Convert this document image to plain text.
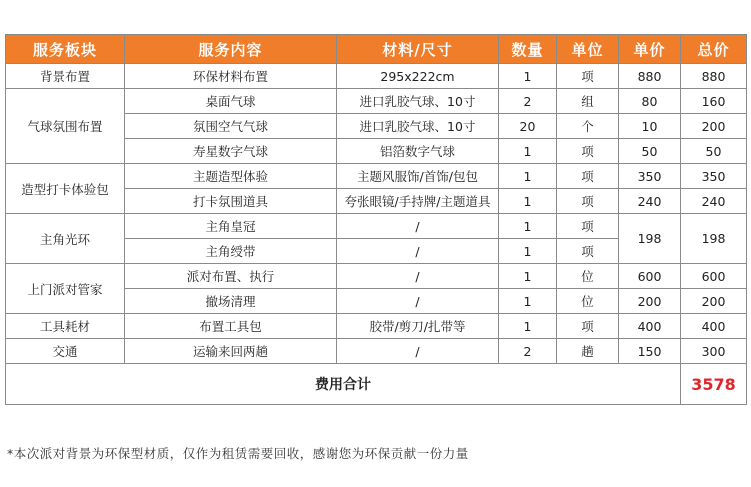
服务板块	服务内容	材料/尺寸	数量	单位	单价	总价
背景布置	环保材料布置	295x222cm	1	项	880	880
气球氛围布置	桌面气球	进口乳胶气球、10寸	2	组	80	160
	氛围空气气球	进口乳胶气球、10寸	20	个	10	200
	寿星数字气球	铝箔数字气球	1	项	50	50
造型打卡体验包	主题造型体验	主题风服饰/首饰/包包	1	项	350	350
	打卡氛围道具	夸张眼镜/手持牌/主题道具	1	项	240	240
主角光环	主角皇冠	/	1	项	198	198
	主角绶带	/	1	项		
上门派对管家	派对布置、执行	/	1	位	600	600
	撤场清理	/	1	位	200	200
工具耗材	布置工具包	胶带/剪刀/扎带等	1	项	400	400
交通	运输来回两趟	/	2	趟	150	300
费用合计						3578
*本次派对背景为环保型材质，仅作为租赁需要回收，感谢您为环保贡献一份力量
